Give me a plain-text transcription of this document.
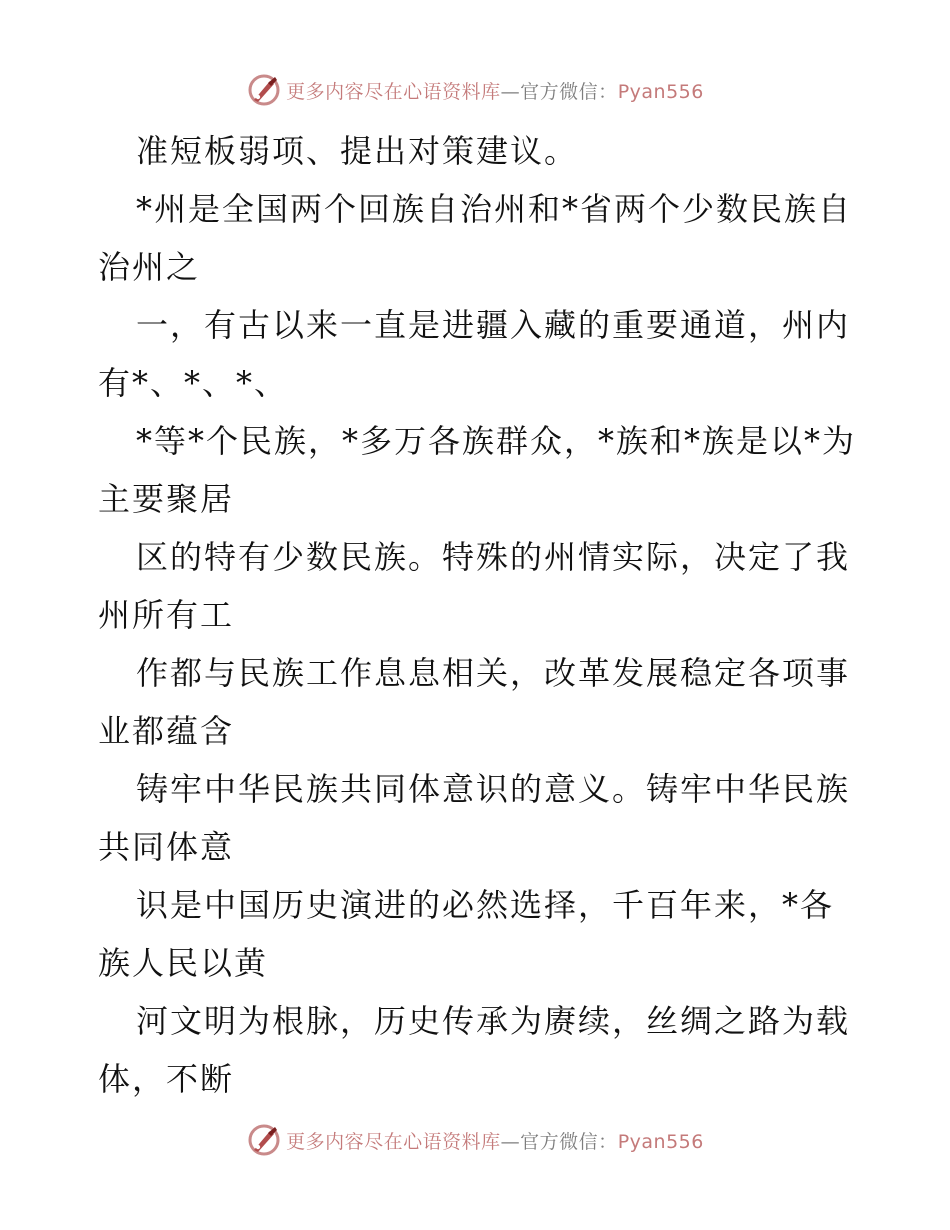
更多内容尽在心语资料库—官方微信：Pyan556
准短板弱项、提出对策建议。
*州是全国两个回族自治州和*省两个少数民族自
治州之
一，有古以来一直是进疆入藏的重要通道，州内
有*、*、*、
*等*个民族，*多万各族群众，*族和*族是以*为
主要聚居
区的特有少数民族。特殊的州情实际，决定了我
州所有工
作都与民族工作息息相关，改革发展稳定各项事
业都蕴含
铸牢中华民族共同体意识的意义。铸牢中华民族
共同体意
识是中国历史演进的必然选择，千百年来，*各
族人民以黄
河文明为根脉，历史传承为赓续，丝绸之路为载
体，不断
更多内容尽在心语资料库—官方微信：Pyan556
